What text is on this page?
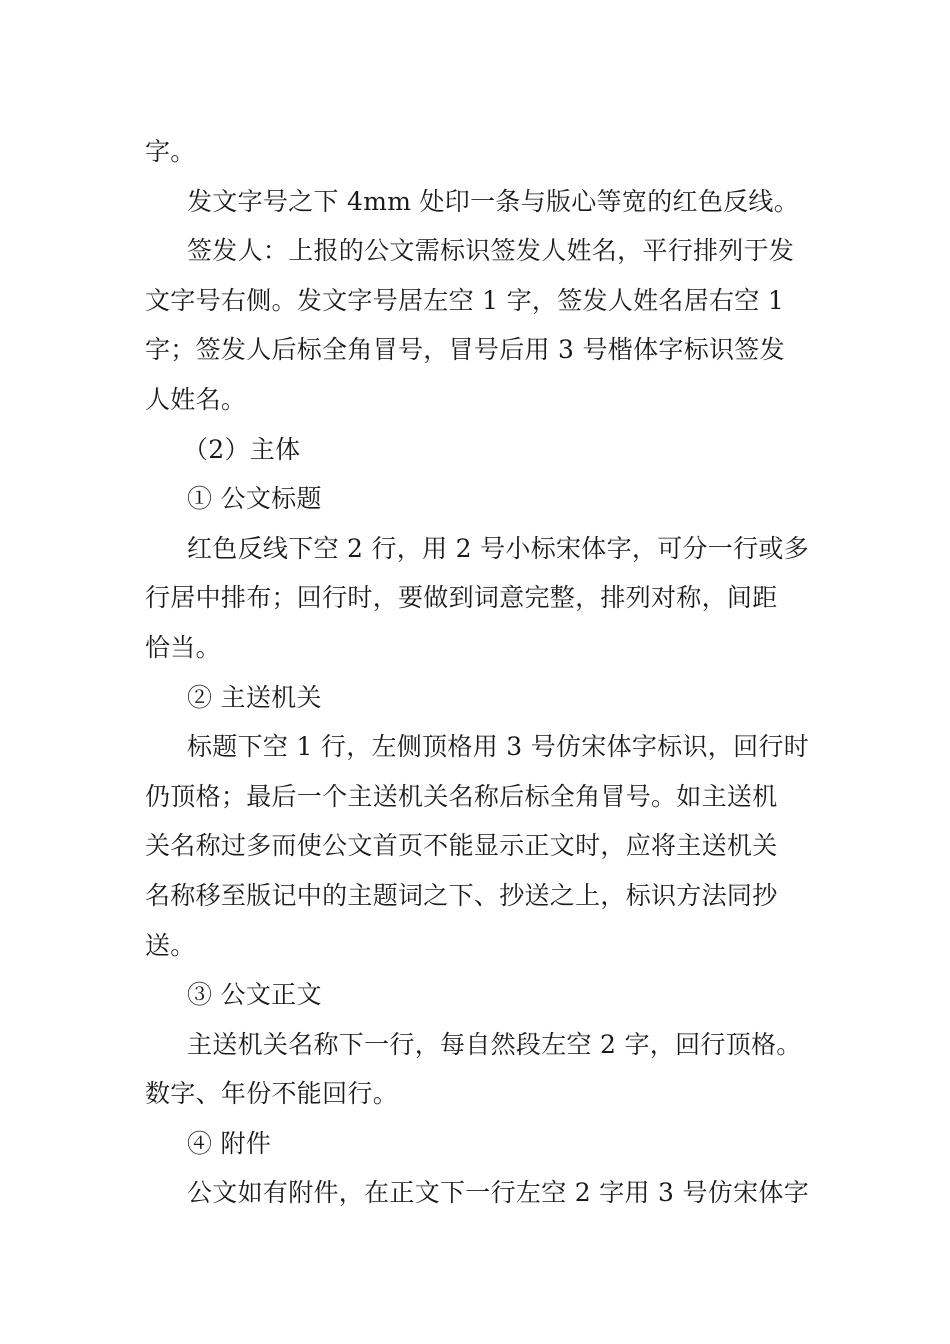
字。
发文字号之下 4mm 处印一条与版心等宽的红色反线。
签发人：上报的公文需标识签发人姓名，平行排列于发
文字号右侧。发文字号居左空 1 字，签发人姓名居右空 1
字；签发人后标全角冒号，冒号后用 3 号楷体字标识签发
人姓名。
（2）主体
① 公文标题
红色反线下空 2 行，用 2 号小标宋体字，可分一行或多
行居中排布；回行时，要做到词意完整，排列对称，间距
恰当。
② 主送机关
标题下空 1 行，左侧顶格用 3 号仿宋体字标识，回行时
仍顶格；最后一个主送机关名称后标全角冒号。如主送机
关名称过多而使公文首页不能显示正文时，应将主送机关
名称移至版记中的主题词之下、抄送之上，标识方法同抄
送。
③ 公文正文
主送机关名称下一行，每自然段左空 2 字，回行顶格。
数字、年份不能回行。
④ 附件
公文如有附件，在正文下一行左空 2 字用 3 号仿宋体字
